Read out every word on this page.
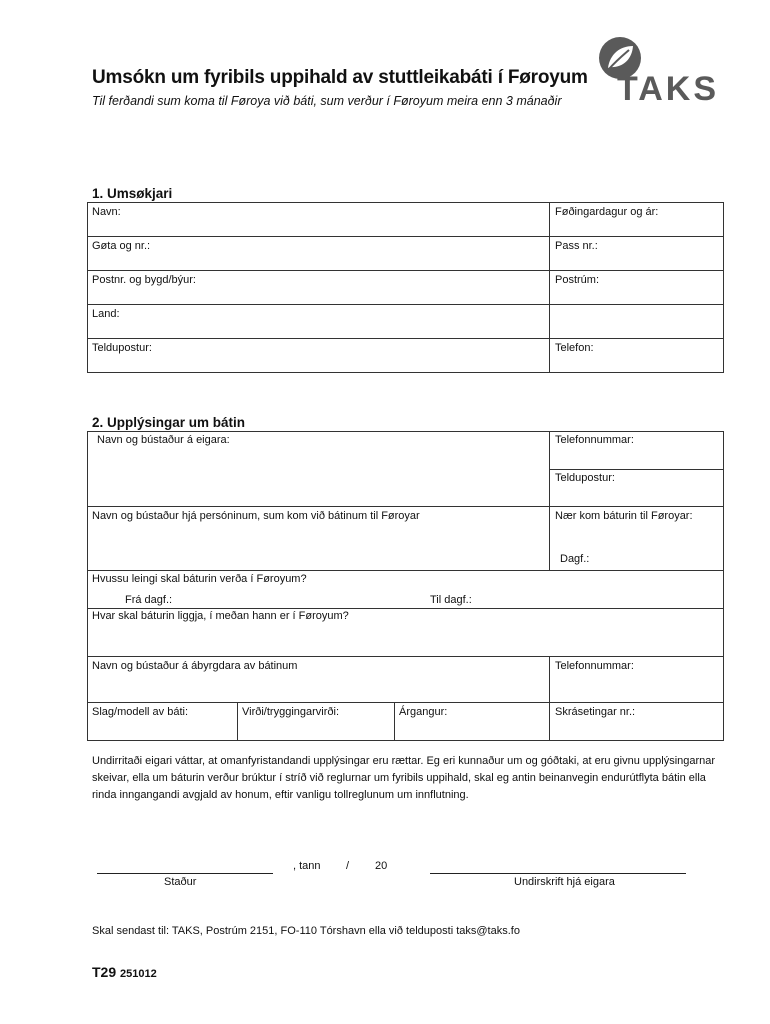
Umsókn um fyribils uppihald av stuttleikabáti í Føroyum
Til ferðandi sum koma til Føroya við báti, sum verður í Føroyum meira enn 3 mánaðir TAKS
1. Umsøkjari
Navn:	Føðingardagur og ár:
Gøta og nr.:	Pass nr.:
Postnr. og bygd/býur:	Postrúm:
Land:
Teldupostur:	Telefon:
2. Upplýsingar um bátin
Navn og bústaður á eigara:	Telefonnummar:
Teldupostur:
Navn og bústaður hjá persóninum, sum kom við bátinum til Føroyar	Nær kom báturin til Føroyar:
Dagf.:
Hvussu leingi skal báturin verða í Føroyum?
Frá dagf.:	Til dagf.:
Hvar skal báturin liggja, í meðan hann er í Føroyum?
Navn og bústaður á ábyrgdara av bátinum	Telefonnummar:
Slag/modell av báti:	Virði/tryggingarvirði:	Árgangur:	Skrásetingar nr.:
Undirritaði eigari váttar, at omanfyristandandi upplýsingar eru rættar. Eg eri kunnaður um og góðtaki, at eru givnu upplýsingarnar skeivar, ella um báturin verður brúktur í stríð við reglurnar um fyribils uppihald, skal eg antin beinanvegin endurútflyta bátin ella rinda inngangandi avgjald av honum, eftir vanligu tollreglunum um innflutning.
, tann / 20
Staður	Undirskrift hjá eigara
Skal sendast til: TAKS, Postrúm 2151, FO-110 Tórshavn ella við telduposti taks@taks.fo
T29 251012
